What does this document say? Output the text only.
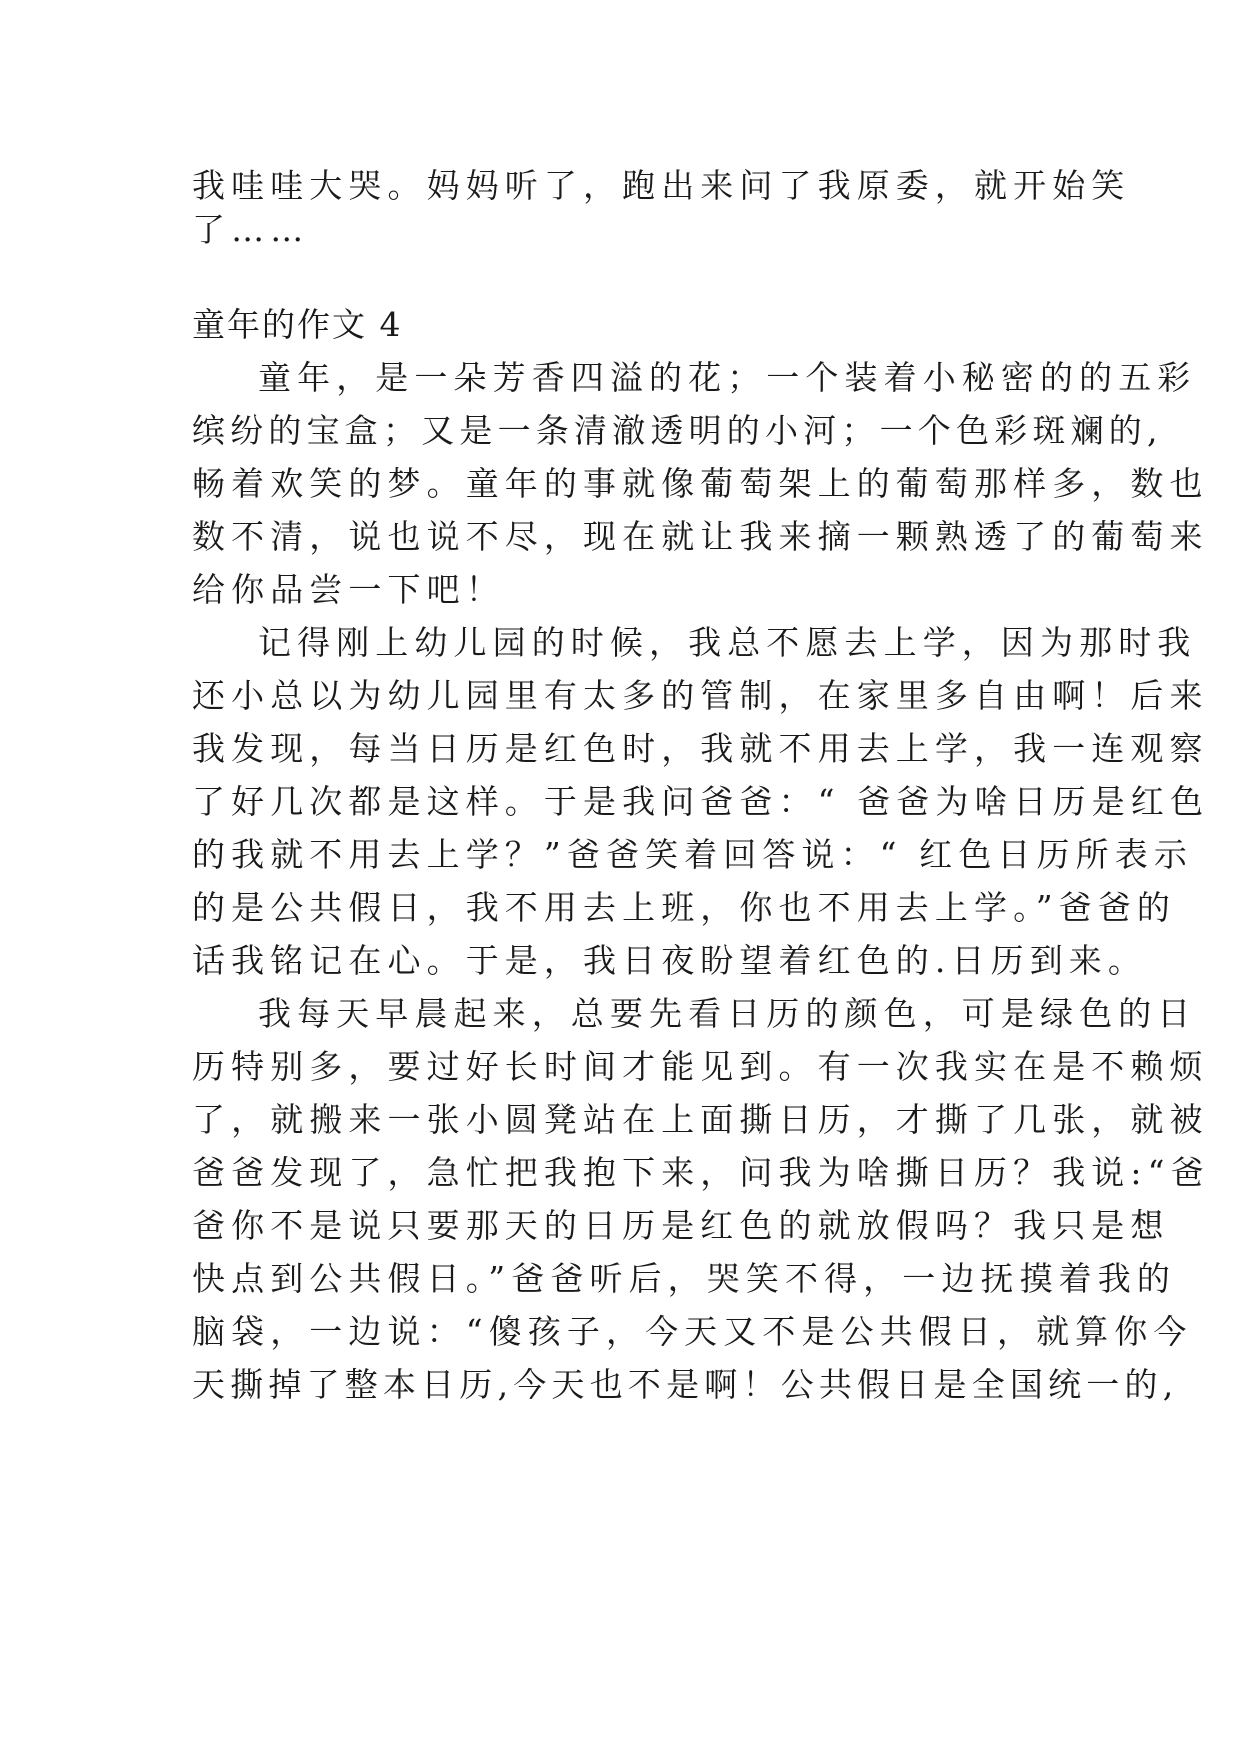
我哇哇大哭。妈妈听了，跑出来问了我原委，就开始笑
了……
童年的作文 4
童年，是一朵芳香四溢的花；一个装着小秘密的的五彩
缤纷的宝盒；又是一条清澈透明的小河；一个色彩斑斓的,
畅着欢笑的梦。童年的事就像葡萄架上的葡萄那样多，数也
数不清，说也说不尽，现在就让我来摘一颗熟透了的葡萄来
给你品尝一下吧！
记得刚上幼儿园的时候，我总不愿去上学，因为那时我
还小总以为幼儿园里有太多的管制，在家里多自由啊！后来
我发现，每当日历是红色时，我就不用去上学，我一连观察
了好几次都是这样。于是我问爸爸：“ 爸爸为啥日历是红色
的我就不用去上学？”爸爸笑着回答说：“ 红色日历所表示
的是公共假日，我不用去上班，你也不用去上学。”爸爸的
话我铭记在心。于是，我日夜盼望着红色的.日历到来。
我每天早晨起来，总要先看日历的颜色，可是绿色的日
历特别多，要过好长时间才能见到。有一次我实在是不赖烦
了，就搬来一张小圆凳站在上面撕日历，才撕了几张，就被
爸爸发现了，急忙把我抱下来，问我为啥撕日历？我说:“爸
爸你不是说只要那天的日历是红色的就放假吗？我只是想
快点到公共假日。”爸爸听后，哭笑不得，一边抚摸着我的
脑袋，一边说：“傻孩子，今天又不是公共假日，就算你今
天撕掉了整本日历,今天也不是啊！公共假日是全国统一的,
